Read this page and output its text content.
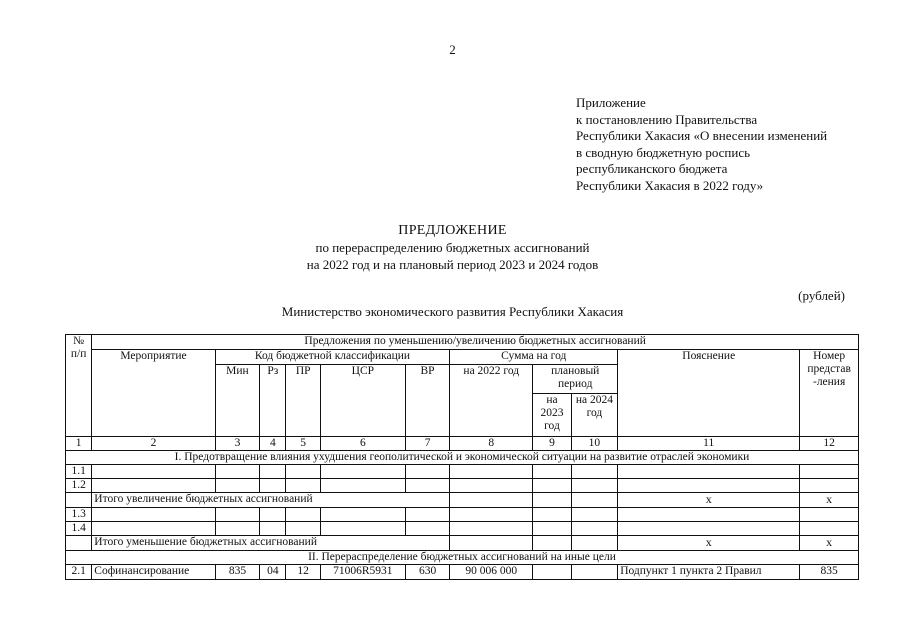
2
Приложение
к постановлению Правительства
Республики Хакасия «О внесении изменений
в сводную бюджетную роспись
республиканского бюджета
Республики Хакасия в 2022 году»
ПРЕДЛОЖЕНИЕ
по перераспределению бюджетных ассигнований
на 2022 год и на плановый период 2023 и 2024 годов
(рублей)
Министерство экономического развития Республики Хакасия
№ п/п	Предложения по уменьшению/увеличению бюджетных ассигнований										
	Мероприятие	Код бюджетной классификации					Сумма на год			Пояснение	Номер представ -ления
		Мин	Рз	ПР	ЦСР	ВР	на 2022 год	плановый период			
								на 2023 год	на 2024 год		

1	2	3	4	5	6	7	8	9	10	11	12
I. Предотвращение влияния ухудшения геополитической и экономической ситуации на развитие отраслей экономики											
1.1											
1.2											
	Итого увеличение бюджетных ассигнований									х	х
1.3											
1.4											
	Итого уменьшение бюджетных ассигнований									х	х
II. Перераспределение бюджетных ассигнований на иные цели											
2.1	Софинансирование	835	04	12	71006R5931	630	90 006 000			Подпункт 1 пункта 2 Правил	835
